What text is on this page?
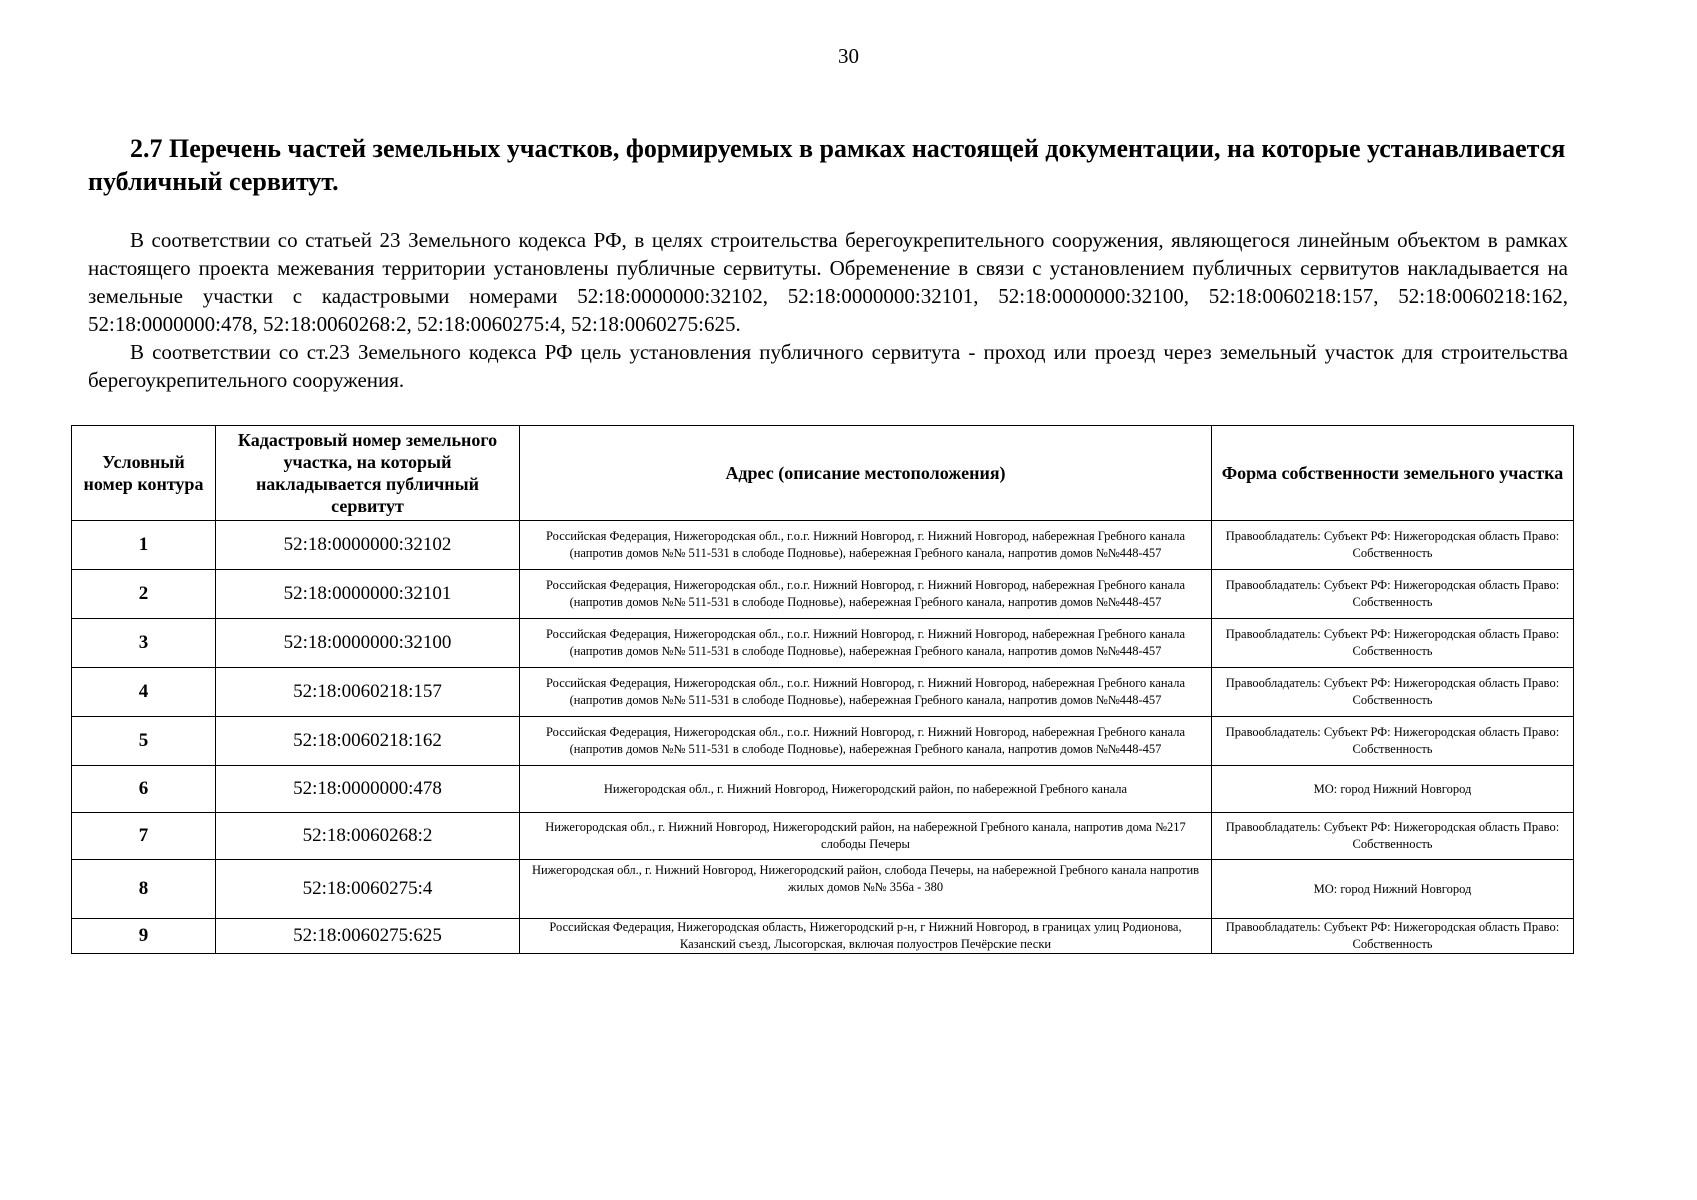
30
2.7 Перечень частей земельных участков, формируемых в рамках настоящей документации, на которые устанавливается публичный сервитут.

В соответствии со статьей 23 Земельного кодекса РФ, в целях строительства берегоукрепительного сооружения, являющегося линейным объектом в рамках настоящего проекта межевания территории установлены публичные сервитуты. Обременение в связи с установлением публичных сервитутов накладывается на земельные участки с кадастровыми номерами 52:18:0000000:32102, 52:18:0000000:32101, 52:18:0000000:32100, 52:18:0060218:157, 52:18:0060218:162, 52:18:0000000:478, 52:18:0060268:2, 52:18:0060275:4, 52:18:0060275:625.

В соответствии со ст.23 Земельного кодекса РФ цель установления публичного сервитута - проход или проезд через земельный участок для строительства берегоукрепительного сооружения.

Условный номер контура	Кадастровый номер земельного участка, на который накладывается публичный сервитут	Адрес (описание местоположения)	Форма собственности земельного участка
1	52:18:0000000:32102	Российская Федерация, Нижегородская обл., г.о.г. Нижний Новгород, г. Нижний Новгород, набережная Гребного канала (напротив домов №№ 511-531 в слободе Подновье), набережная Гребного канала, напротив домов №№448-457	Правообладатель: Субъект РФ: Нижегородская область Право: Собственность
2	52:18:0000000:32101	Российская Федерация, Нижегородская обл., г.о.г. Нижний Новгород, г. Нижний Новгород, набережная Гребного канала (напротив домов №№ 511-531 в слободе Подновье), набережная Гребного канала, напротив домов №№448-457	Правообладатель: Субъект РФ: Нижегородская область Право: Собственность
3	52:18:0000000:32100	Российская Федерация, Нижегородская обл., г.о.г. Нижний Новгород, г. Нижний Новгород, набережная Гребного канала (напротив домов №№ 511-531 в слободе Подновье), набережная Гребного канала, напротив домов №№448-457	Правообладатель: Субъект РФ: Нижегородская область Право: Собственность
4	52:18:0060218:157	Российская Федерация, Нижегородская обл., г.о.г. Нижний Новгород, г. Нижний Новгород, набережная Гребного канала (напротив домов №№ 511-531 в слободе Подновье), набережная Гребного канала, напротив домов №№448-457	Правообладатель: Субъект РФ: Нижегородская область Право: Собственность
5	52:18:0060218:162	Российская Федерация, Нижегородская обл., г.о.г. Нижний Новгород, г. Нижний Новгород, набережная Гребного канала (напротив домов №№ 511-531 в слободе Подновье), набережная Гребного канала, напротив домов №№448-457	Правообладатель: Субъект РФ: Нижегородская область Право: Собственность
6	52:18:0000000:478	Нижегородская обл., г. Нижний Новгород, Нижегородский район, по набережной Гребного канала	МО: город Нижний Новгород
7	52:18:0060268:2	Нижегородская обл., г. Нижний Новгород, Нижегородский район, на набережной Гребного канала, напротив дома №217 слободы Печеры	Правообладатель: Субъект РФ: Нижегородская область Право: Собственность
8	52:18:0060275:4	Нижегородская обл., г. Нижний Новгород, Нижегородский район, слобода Печеры, на набережной Гребного канала напротив жилых домов №№ 356а - 380	МО: город Нижний Новгород
9	52:18:0060275:625	Российская Федерация, Нижегородская область, Нижегородский р-н, г Нижний Новгород, в границах улиц Родионова, Казанский съезд, Лысогорская, включая полуостров Печёрские пески	Правообладатель: Субъект РФ: Нижегородская область Право: Собственность
